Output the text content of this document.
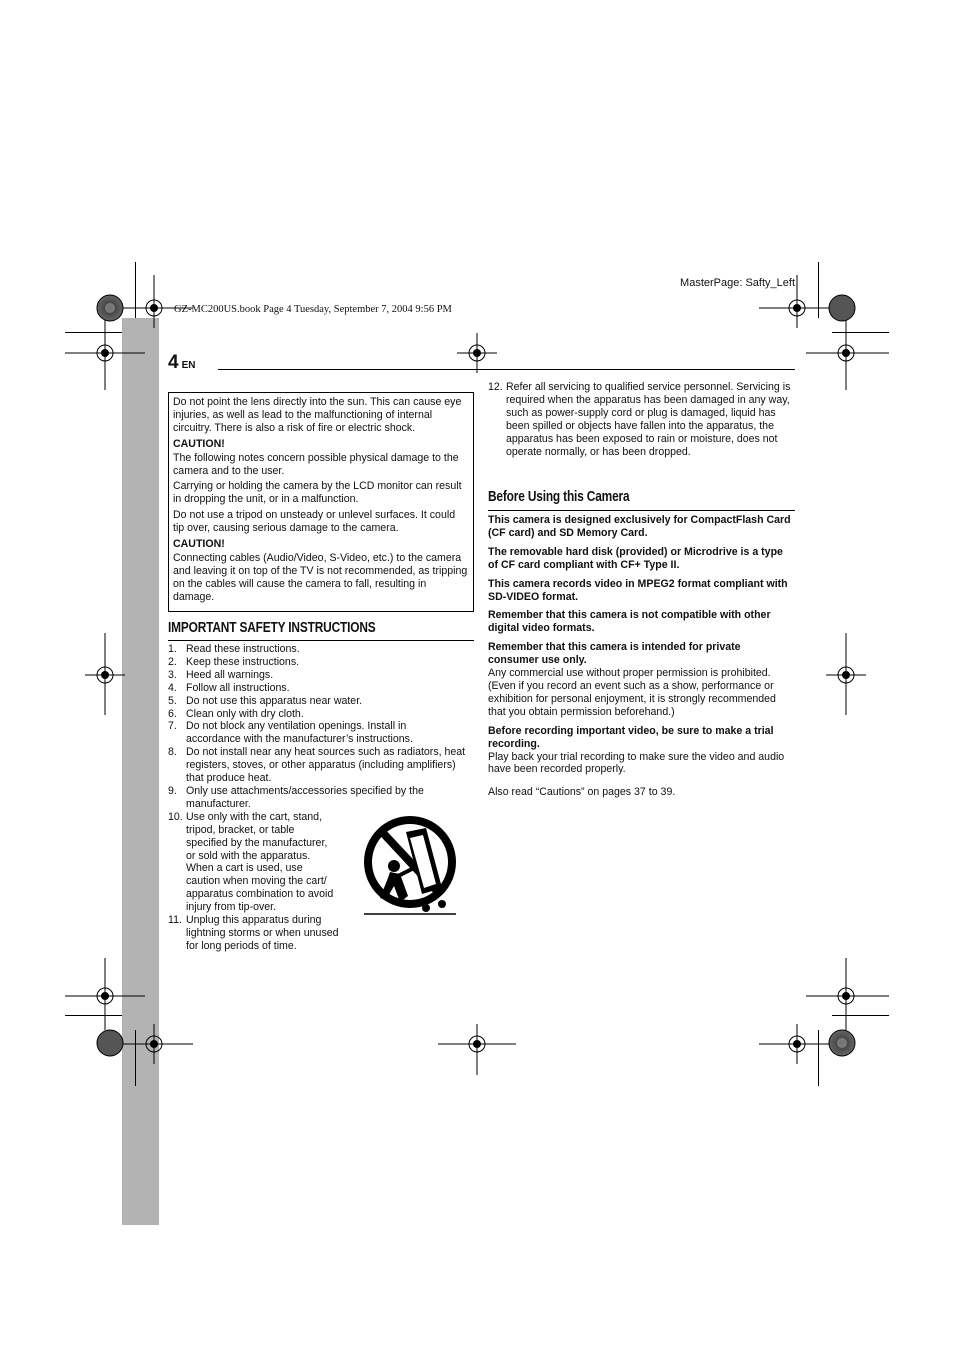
MasterPage: Safty_Left
GZ-MC200US.book Page 4 Tuesday, September 7, 2004 9:56 PM
4 EN

Do not point the lens directly into the sun. This can cause eye injuries, as well as lead to the malfunctioning of internal circuitry. There is also a risk of fire or electric shock.

CAUTION!

The following notes concern possible physical damage to the camera and to the user.

Carrying or holding the camera by the LCD monitor can result in dropping the unit, or in a malfunction.

Do not use a tripod on unsteady or unlevel surfaces. It could tip over, causing serious damage to the camera.

CAUTION!

Connecting cables (Audio/Video, S-Video, etc.) to the camera and leaving it on top of the TV is not recommended, as tripping on the cables will cause the camera to fall, resulting in damage.

IMPORTANT SAFETY INSTRUCTIONS
1. Read these instructions.
2. Keep these instructions.
3. Heed all warnings.
4. Follow all instructions.
5. Do not use this apparatus near water.
6. Clean only with dry cloth.
7. Do not block any ventilation openings. Install in accordance with the manufacturer’s instructions.
8. Do not install near any heat sources such as radiators, heat registers, stoves, or other apparatus (including amplifiers) that produce heat.
9. Only use attachments/accessories specified by the manufacturer.
10. Use only with the cart, stand, tripod, bracket, or table specified by the manufacturer, or sold with the apparatus. When a cart is used, use caution when moving the cart/ apparatus combination to avoid injury from tip-over.
11. Unplug this apparatus during lightning storms or when unused for long periods of time.
12. Refer all servicing to qualified service personnel. Servicing is required when the apparatus has been damaged in any way, such as power-supply cord or plug is damaged, liquid has been spilled or objects have fallen into the apparatus, the apparatus has been exposed to rain or moisture, does not operate normally, or has been dropped.
Before Using this Camera

This camera is designed exclusively for CompactFlash Card (CF card) and SD Memory Card.

The removable hard disk (provided) or Microdrive is a type of CF card compliant with CF+ Type II.

This camera records video in MPEG2 format compliant with SD-VIDEO format.

Remember that this camera is not compatible with other digital video formats.

Remember that this camera is intended for private consumer use only.
Any commercial use without proper permission is prohibited. (Even if you record an event such as a show, performance or exhibition for personal enjoyment, it is strongly recommended that you obtain permission beforehand.)

Before recording important video, be sure to make a trial recording.
Play back your trial recording to make sure the video and audio have been recorded properly.

Also read “Cautions” on pages 37 to 39.
